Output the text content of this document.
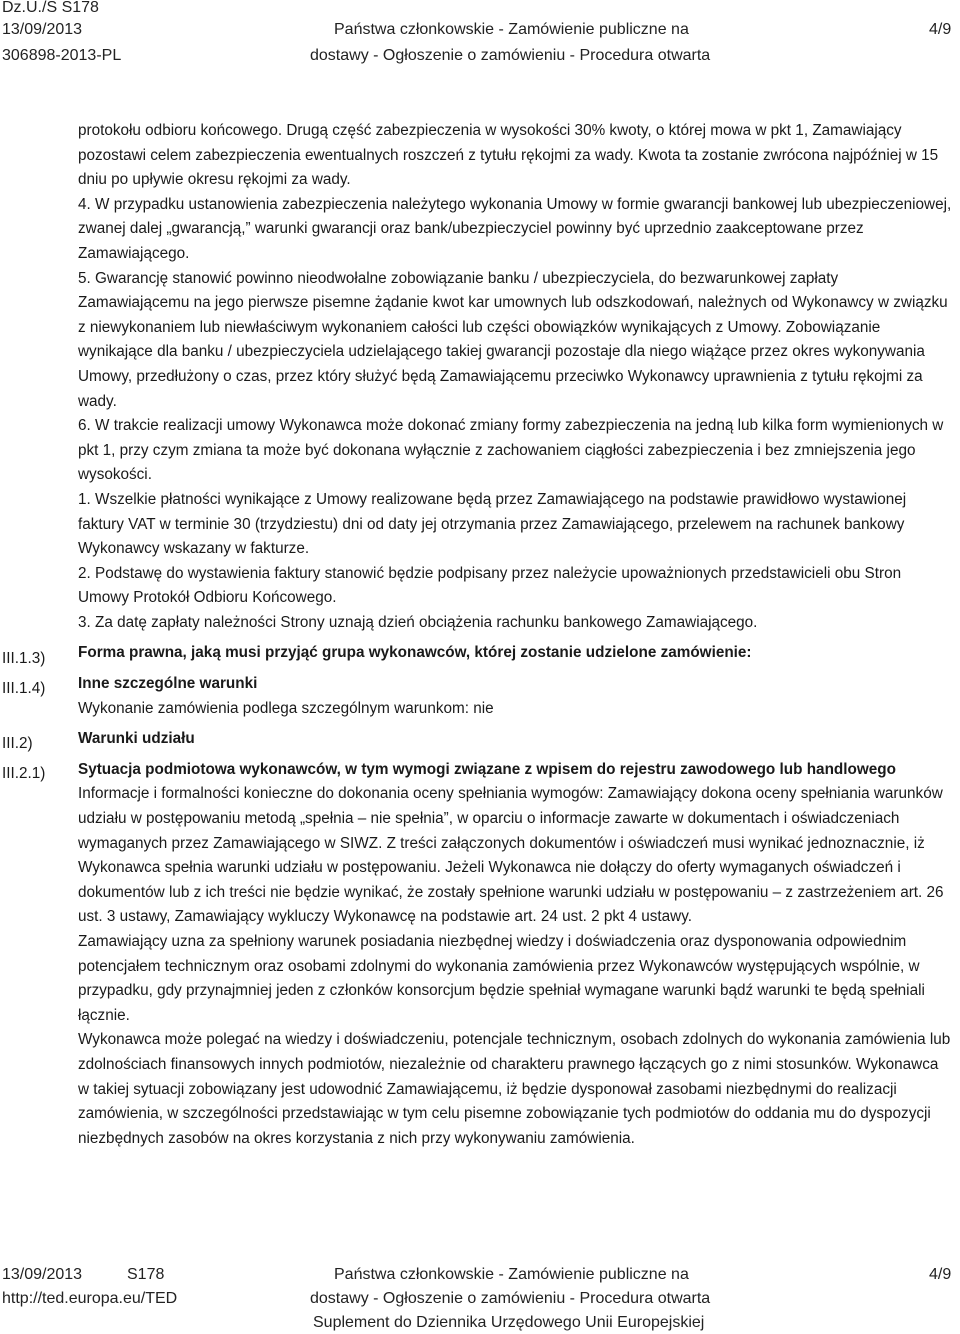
Dz.U./S S178
13/09/2013
306898-2013-PL
Państwa członkowskie - Zamówienie publiczne na
dostawy - Ogłoszenie o zamówieniu - Procedura otwarta
4/9
III.1.3)
III.1.4)
III.2)
III.2.1)

protokołu odbioru końcowego. Drugą część zabezpieczenia w wysokości 30% kwoty, o której mowa w pkt 1, Zamawiający pozostawi celem zabezpieczenia ewentualnych roszczeń z tytułu rękojmi za wady. Kwota ta zostanie zwrócona najpóźniej w 15 dniu po upływie okresu rękojmi za wady.

4. W przypadku ustanowienia zabezpieczenia należytego wykonania Umowy w formie gwarancji bankowej lub ubezpieczeniowej, zwanej dalej „gwarancją,” warunki gwarancji oraz bank/ubezpieczyciel powinny być uprzednio zaakceptowane przez Zamawiającego.

5. Gwarancję stanowić powinno nieodwołalne zobowiązanie banku / ubezpieczyciela, do bezwarunkowej zapłaty Zamawiającemu na jego pierwsze pisemne żądanie kwot kar umownych lub odszkodowań, należnych od Wykonawcy w związku z niewykonaniem lub niewłaściwym wykonaniem całości lub części obowiązków wynikających z Umowy. Zobowiązanie wynikające dla banku / ubezpieczyciela udzielającego takiej gwarancji pozostaje dla niego wiążące przez okres wykonywania Umowy, przedłużony o czas, przez który służyć będą Zamawiającemu przeciwko Wykonawcy uprawnienia z tytułu rękojmi za wady.

6. W trakcie realizacji umowy Wykonawca może dokonać zmiany formy zabezpieczenia na jedną lub kilka form wymienionych w pkt 1, przy czym zmiana ta może być dokonana wyłącznie z zachowaniem ciągłości zabezpieczenia i bez zmniejszenia jego wysokości.

1. Wszelkie płatności wynikające z Umowy realizowane będą przez Zamawiającego na podstawie prawidłowo wystawionej faktury VAT w terminie 30 (trzydziestu) dni od daty jej otrzymania przez Zamawiającego, przelewem na rachunek bankowy Wykonawcy wskazany w fakturze.

2. Podstawę do wystawienia faktury stanowić będzie podpisany przez należycie upoważnionych przedstawicieli obu Stron Umowy Protokół Odbioru Końcowego.

3. Za datę zapłaty należności Strony uznają dzień obciążenia rachunku bankowego Zamawiającego.

Forma prawna, jaką musi przyjąć grupa wykonawców, której zostanie udzielone zamówienie:

Inne szczególne warunki

Wykonanie zamówienia podlega szczególnym warunkom: nie

Warunki udziału

Sytuacja podmiotowa wykonawców, w tym wymogi związane z wpisem do rejestru zawodowego lub handlowego

Informacje i formalności konieczne do dokonania oceny spełniania wymogów: Zamawiający dokona oceny spełniania warunków udziału w postępowaniu metodą „spełnia – nie spełnia”, w oparciu o informacje zawarte w dokumentach i oświadczeniach wymaganych przez Zamawiającego w SIWZ. Z treści załączonych dokumentów i oświadczeń musi wynikać jednoznacznie, iż Wykonawca spełnia warunki udziału w postępowaniu. Jeżeli Wykonawca nie dołączy do oferty wymaganych oświadczeń i dokumentów lub z ich treści nie będzie wynikać, że zostały spełnione warunki udziału w postępowaniu – z zastrzeżeniem art. 26 ust. 3 ustawy, Zamawiający wykluczy Wykonawcę na podstawie art. 24 ust. 2 pkt 4 ustawy.

Zamawiający uzna za spełniony warunek posiadania niezbędnej wiedzy i doświadczenia oraz dysponowania odpowiednim potencjałem technicznym oraz osobami zdolnymi do wykonania zamówienia przez Wykonawców występujących wspólnie, w przypadku, gdy przynajmniej jeden z członków konsorcjum będzie spełniał wymagane warunki bądź warunki te będą spełniali łącznie.

Wykonawca może polegać na wiedzy i doświadczeniu, potencjale technicznym, osobach zdolnych do wykonania zamówienia lub zdolnościach finansowych innych podmiotów, niezależnie od charakteru prawnego łączących go z nimi stosunków. Wykonawca w takiej sytuacji zobowiązany jest udowodnić Zamawiającemu, iż będzie dysponował zasobami niezbędnymi do realizacji zamówienia, w szczególności przedstawiając w tym celu pisemne zobowiązanie tych podmiotów do oddania mu do dyspozycji niezbędnych zasobów na okres korzystania z nich przy wykonywaniu zamówienia.

13/09/2013	S178
http://ted.europa.eu/TED
Państwa członkowskie - Zamówienie publiczne na
dostawy - Ogłoszenie o zamówieniu - Procedura otwarta
Suplement do Dziennika Urzędowego Unii Europejskiej
4/9
